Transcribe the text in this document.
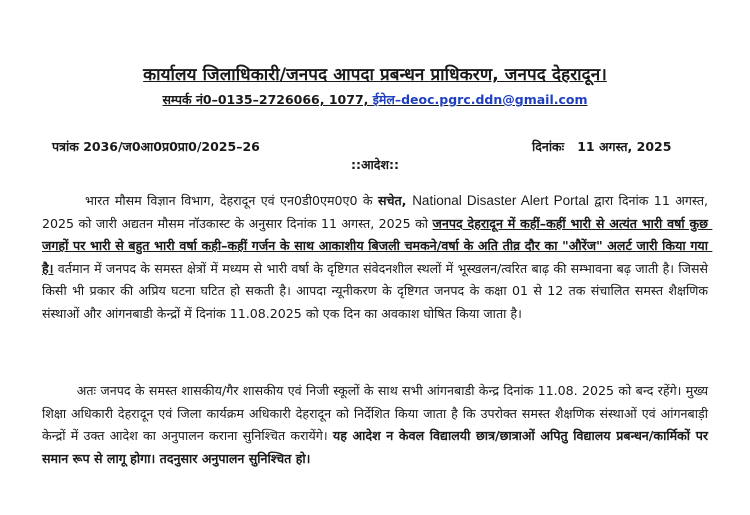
कार्यालय जिलाधिकारी/जनपद आपदा प्रबन्धन प्राधिकरण, जनपद देहरादून।
सम्पर्क नं0–0135–2726066, 1077, ईमेल–deoc.pgrc.ddn@gmail.com
पत्रांक 2036/ज0आ0प्र0प्रा0/2025–26	दिनांकः   11 अगस्त, 2025
::आदेश::
भारत मौसम विज्ञान विभाग, देहरादून एवं एन0डी0एम0ए0 के सचेत, National Disaster Alert Portal द्वारा दिनांक 11 अगस्त, 2025 को जारी अद्यतन मौसम नॉउकास्ट के अनुसार दिनांक 11 अगस्त, 2025 को जनपद देहरादून में कहीं–कहीं भारी से अत्यंत भारी वर्षा कुछ जगहों पर भारी से बहुत भारी वर्षा कही–कहीं गर्जन के साथ आकाशीय बिजली चमकने/वर्षा के अति तीव्र दौर का "औरेंज" अलर्ट जारी किया गया है। वर्तमान में जनपद के समस्त क्षेत्रों में मध्यम से भारी वर्षा के दृष्टिगत संवेदनशील स्थलों में भूस्खलन/त्वरित बाढ़ की सम्भावना बढ़ जाती है। जिससे किसी भी प्रकार की अप्रिय घटना घटित हो सकती है। आपदा न्यूनीकरण के दृष्टिगत जनपद के कक्षा 01 से 12 तक संचालित समस्त शैक्षणिक संस्थाओं और आंगनबाडी केन्द्रों में दिनांक 11.08.2025 को एक दिन का अवकाश घोषित किया जाता है।
अतः जनपद के समस्त शासकीय/गैर शासकीय एवं निजी स्कूलों के साथ सभी आंगनबाडी केन्द्र दिनांक 11.08. 2025 को बन्द रहेंगे। मुख्य शिक्षा अधिकारी देहरादून एवं जिला कार्यक्रम अधिकारी देहरादून को निर्देशित किया जाता है कि उपरोक्त समस्त शैक्षणिक संस्थाओं एवं आंगनबाड़ी केन्द्रों में उक्त आदेश का अनुपालन कराना सुनिश्चित करायेंगे। यह आदेश न केवल विद्यालयी छात्र/छात्राओं अपितु विद्यालय प्रबन्धन/कार्मिकों पर समान रूप से लागू होगा। तदनुसार अनुपालन सुनिश्चित हो।
